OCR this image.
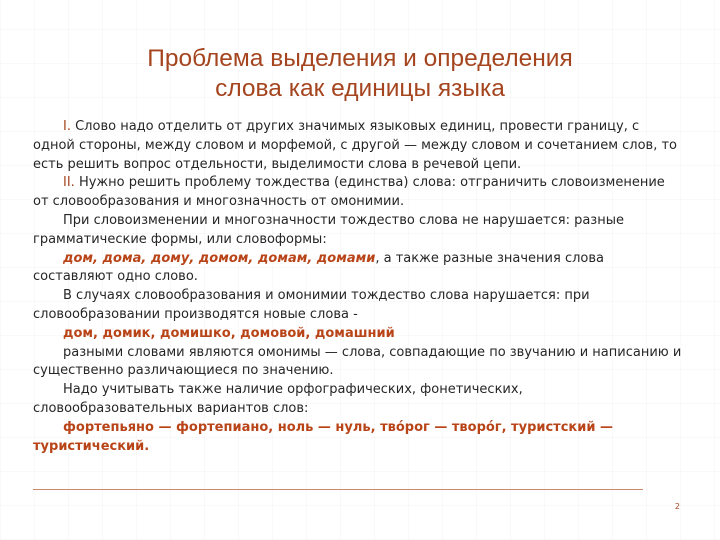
Проблема выделения и определения
слова как единицы языка

I. Слово надо отделить от других значимых языковых единиц, провести границу, с одной стороны, между словом и морфемой, с другой — между словом и сочетанием слов, то есть решить вопрос отдельности, выделимости слова в речевой цепи.

II. Нужно решить проблему тождества (единства) слова: отграничить словоизменение от словообразования и многозначность от омонимии.

При словоизменении и многозначности тождество слова не нарушается: разные грамматические формы, или словоформы:

дом, дома, дому, домом, домам, домами, а также разные значения слова составляют одно слово.

В случаях словообразования и омонимии тождество слова нарушается: при словообразовании производятся новые слова -

дом, домик, домишко, домовой, домашний

разными словами являются омонимы — слова, совпадающие по звучанию и написанию и существенно различающиеся по значению.

Надо учитывать также наличие орфографических, фонетических, словообразовательных вариантов слов:

фортепьяно — фортепиано, ноль — нуль, тво́рог — творо́г, туристский — туристический.

2
